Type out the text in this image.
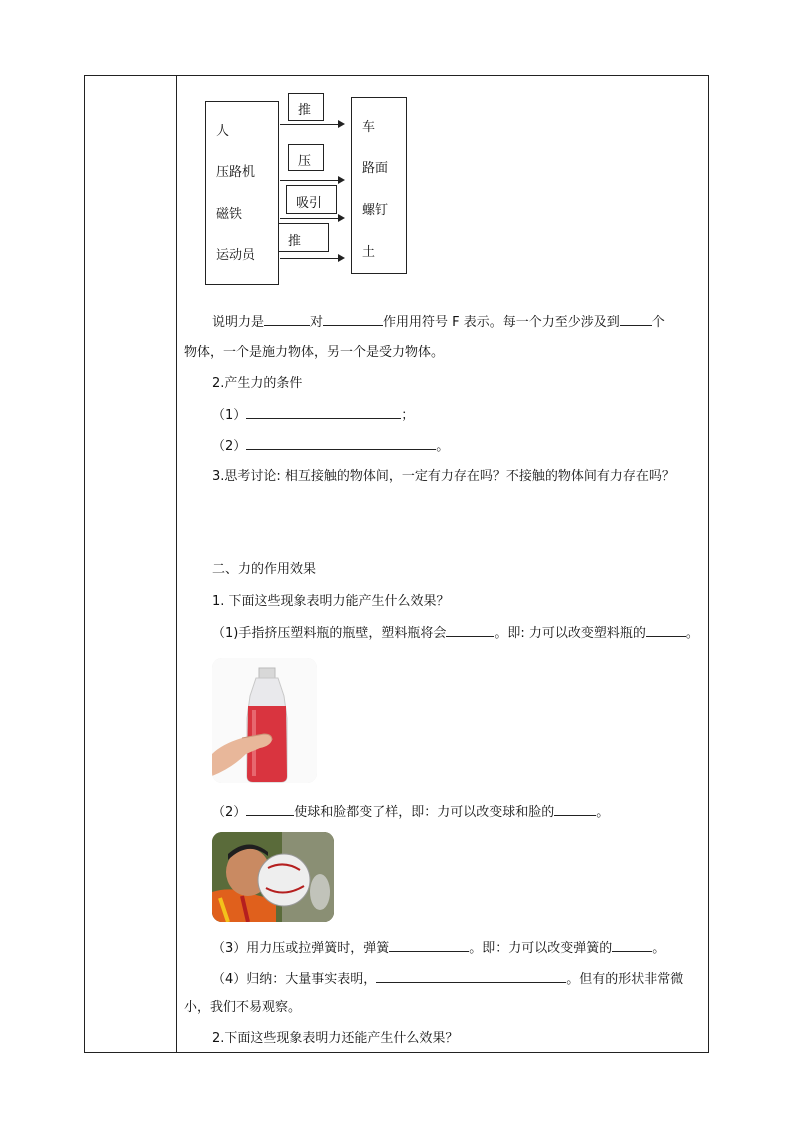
人
压路机
磁铁
运动员
车
路面
螺钉
土
推
压
吸引
推
说明力是	对	作用用符号 F 表示。每一个力至少涉及到 个
物体，一个是施力物体，另一个是受力物体。
2.产生力的条件
（1）	；
（2）	。
3.思考讨论: 相互接触的物体间，一定有力存在吗？不接触的物体间有力存在吗？
二、力的作用效果
1. 下面这些现象表明力能产生什么效果？
（1)手指挤压塑料瓶的瓶壁，塑料瓶将会	。即: 力可以改变塑料瓶的	。
（2）	使球和脸都变了样，即：力可以改变球和脸的	。
（3）用力压或拉弹簧时，弹簧	。即：力可以改变弹簧的	。
（4）归纳：大量事实表明，	。但有的形状非常微
小，我们不易观察。
2.下面这些现象表明力还能产生什么效果？
